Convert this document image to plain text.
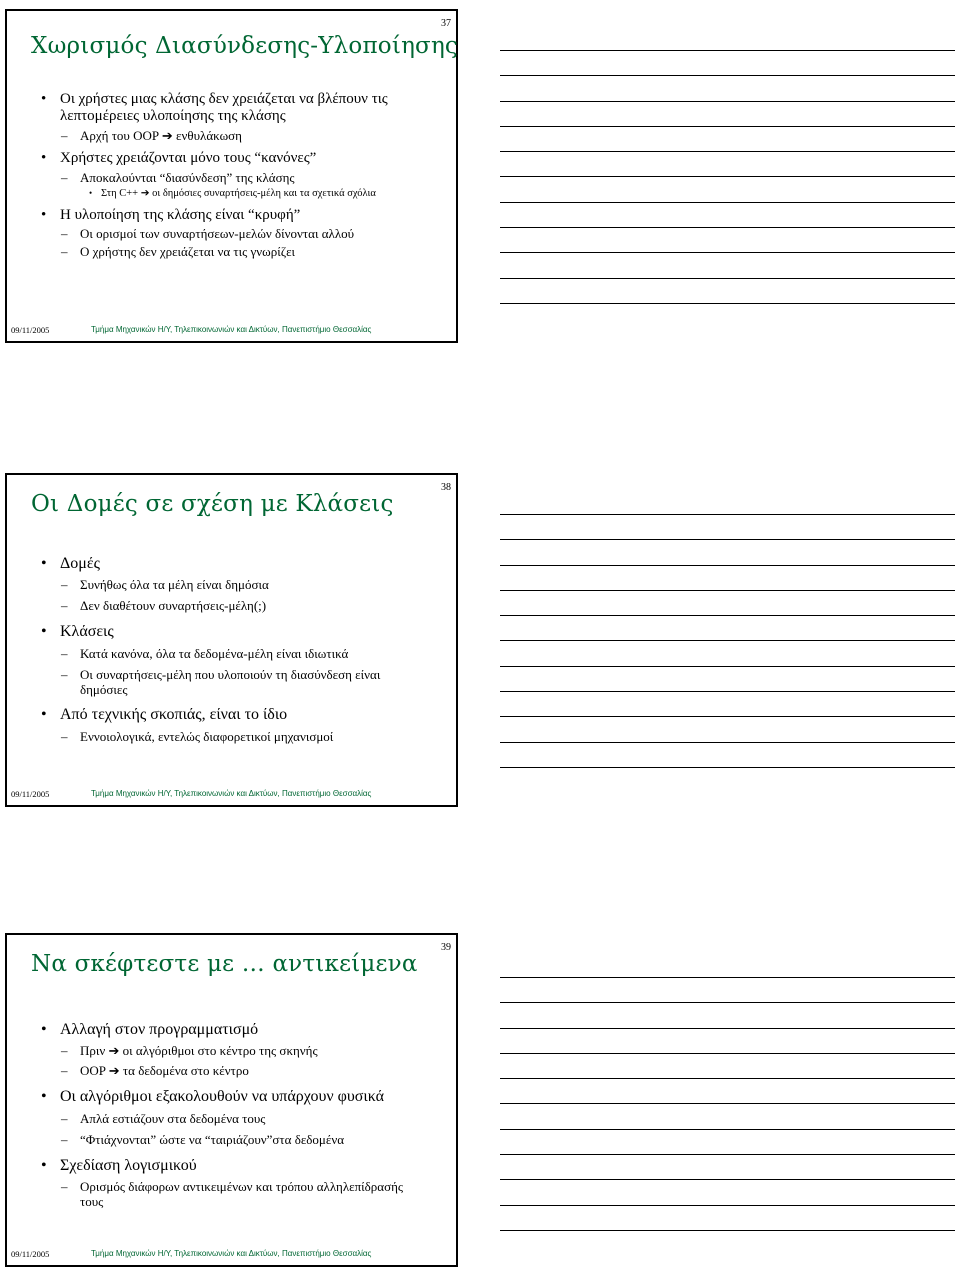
37
Χωρισμός Διασύνδεσης-Υλοποίησης

• Οι χρήστες μιας κλάσης δεν χρειάζεται να βλέπουν τις λεπτομέρειες υλοποίησης της κλάσης

– Αρχή του OOP ➔ ενθυλάκωση

• Χρήστες χρειάζονται μόνο τους “κανόνες”

– Αποκαλούνται “διασύνδεση” της κλάσης

• Στη C++ ➔ οι δημόσιες συναρτήσεις-μέλη και τα σχετικά σχόλια

• Η υλοποίηση της κλάσης είναι “κρυφή”

– Οι ορισμοί των συναρτήσεων-μελών δίνονται αλλού

– Ο χρήστης δεν χρειάζεται να τις γνωρίζει

09/11/2005	Τμήμα Μηχανικών Η/Υ, Τηλεπικοινωνιών και Δικτύων, Πανεπιστήμιο Θεσσαλίας
38
Οι Δομές σε σχέση με Κλάσεις

• Δομές

– Συνήθως όλα τα μέλη είναι δημόσια

– Δεν διαθέτουν συναρτήσεις-μέλη(;)

• Κλάσεις

– Κατά κανόνα, όλα τα δεδομένα-μέλη είναι ιδιωτικά

– Οι συναρτήσεις-μέλη που υλοποιούν τη διασύνδεση είναι δημόσιες

• Από τεχνικής σκοπιάς, είναι το ίδιο

– Εννοιολογικά, εντελώς διαφορετικοί μηχανισμοί

09/11/2005	Τμήμα Μηχανικών Η/Υ, Τηλεπικοινωνιών και Δικτύων, Πανεπιστήμιο Θεσσαλίας
39
Να σκέφτεστε με … αντικείμενα

• Αλλαγή στον προγραμματισμό

– Πριν ➔ οι αλγόριθμοι στο κέντρο της σκηνής

– OOP ➔ τα δεδομένα στο κέντρο

• Οι αλγόριθμοι εξακολουθούν να υπάρχουν φυσικά

– Απλά εστιάζουν στα δεδομένα τους

– “Φτιάχνονται” ώστε να “ταιριάζουν”στα δεδομένα

• Σχεδίαση λογισμικού

– Ορισμός διάφορων αντικειμένων και τρόπου αλληλεπίδρασής τους

09/11/2005	Τμήμα Μηχανικών Η/Υ, Τηλεπικοινωνιών και Δικτύων, Πανεπιστήμιο Θεσσαλίας
